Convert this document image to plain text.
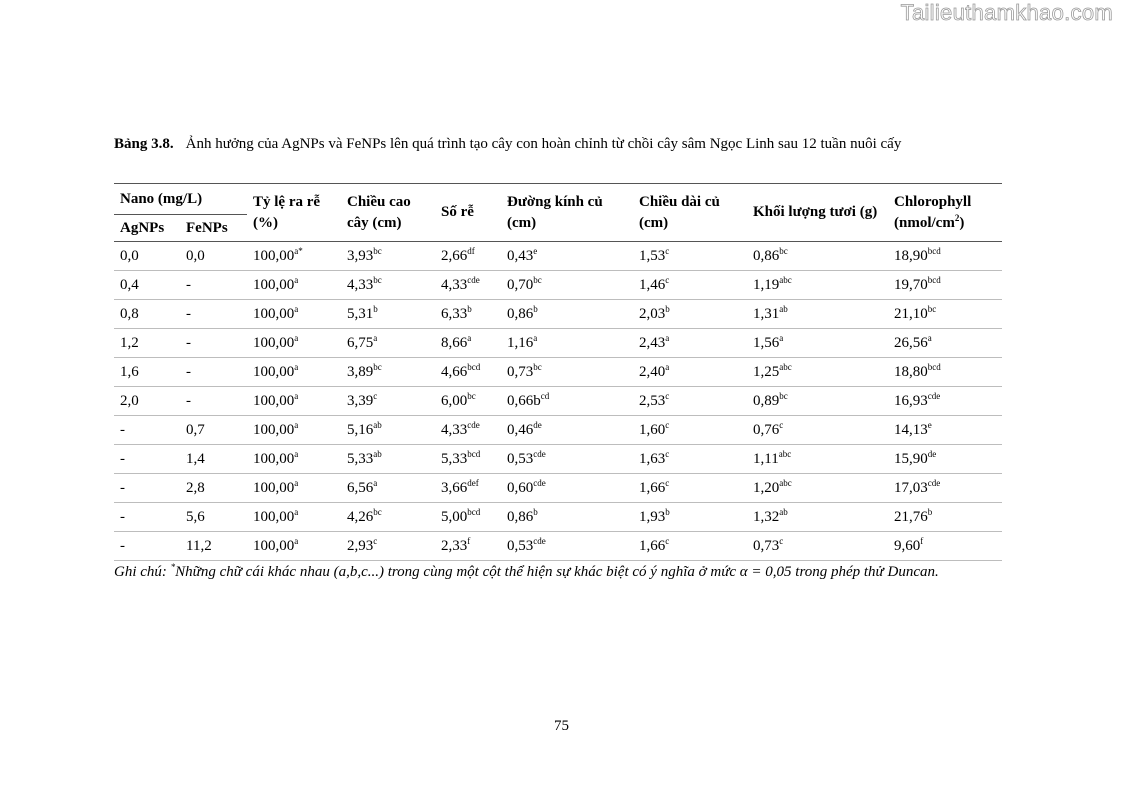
Tailieuthamkhao.com
Bảng 3.8. Ảnh hưởng của AgNPs và FeNPs lên quá trình tạo cây con hoàn chỉnh từ chồi cây sâm Ngọc Linh sau 12 tuần nuôi cấy
Nano (mg/L)		Tỷ lệ ra rễ (%)	Chiều cao cây (cm)	Số rễ	Đường kính củ (cm)	Chiều dài củ (cm)	Khối lượng tươi (g)	Chlorophyll
$(nmol/cm^2)$
AgNPs	FeNPs							
0,0	0,0	$100,00^{a*}$	3,93$^{bc}$	2,66$^{df}$	0,43e	1,53$^c$	0,86$^{bc}$	18,90$^{bcd}$
0,4	-	100,00$^a$	4,33$^{bc}$	4,33$^{cde}$	0,70$^{bc}$	1,46$^c$	1,19$^{abc}$	19,70$^{bcd}$
0,8	-	100,00$^a$	5,31$^b$	6,33$^b$	0,86$^b$	2,03$^b$	1,31$^{ab}$	21,10$^{bc}$
1,2	-	100,00$^a$	6,75$^a$	8,66$^a$	1,16$^a$	2,43$^a$	1,56$^a$	26,56$^a$
1,6	-	100,00$^a$	3,89$^{bc}$	4,66$^{bcd}$	0,73$^{bc}$	2,40$^a$	1,25$^{abc}$	18,80$^{bcd}$
2,0	-	100,00$^a$	3,39$^c$	6,00$^{bc}$	$0,66b^{cd}$	2,53$^c$	0,89$^{bc}$	16,93$^{cde}$
-	0,7	100,00$^a$	5,16$^{ab}$	4,33$^{cde}$	0,46de	1,60$^c$	0,76$^c$	14,13e
-	1,4	100,00$^a$	5,33$^{ab}$	5,33$^{bcd}$	0,53$^{cde}$	1,63$^c$	1,11$^{abc}$	15,90de
-	2,8	100,00$^a$	6,56$^a$	3,66$^{def}$	0,60$^{cde}$	1,66$^c$	1,20$^{abc}$	17,03$^{cde}$
-	5,6	100,00$^a$	4,26$^{bc}$	5,00$^{bcd}$	0,86$^b$	1,93$^b$	1,32$^{ab}$	21,76$^b$
-	11,2	100,00$^a$	2,93$^c$	2,33$^f$	0,53$^{cde}$	1,66$^c$	0,73$^c$	9,60$^f$
Ghi chú: *Những chữ cái khác nhau (a,b,c...) trong cùng một cột thể hiện sự khác biệt có ý nghĩa ở mức α = 0,05 trong phép thử Duncan.
75
